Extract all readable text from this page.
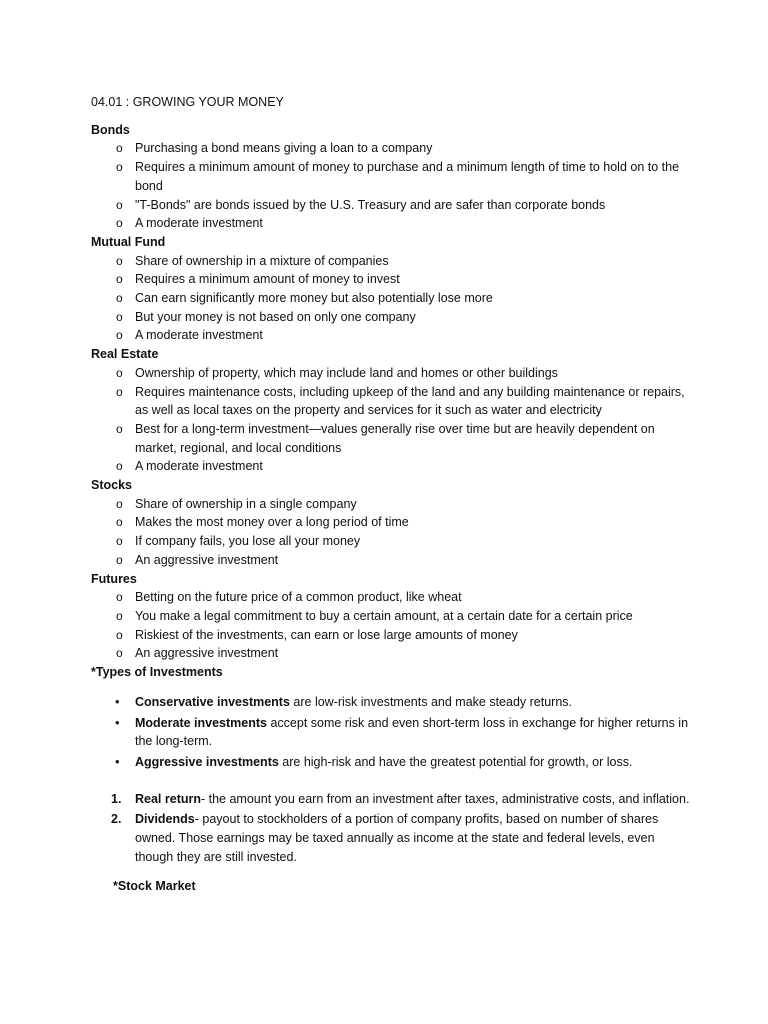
04.01 : GROWING YOUR MONEY
Bonds
o Purchasing a bond means giving a loan to a company
o Requires a minimum amount of money to purchase and a minimum length of time to hold on to the bond
o "T-Bonds" are bonds issued by the U.S. Treasury and are safer than corporate bonds
o A moderate investment
Mutual Fund
o Share of ownership in a mixture of companies
o Requires a minimum amount of money to invest
o Can earn significantly more money but also potentially lose more
o But your money is not based on only one company
o A moderate investment
Real Estate
o Ownership of property, which may include land and homes or other buildings
o Requires maintenance costs, including upkeep of the land and any building maintenance or repairs, as well as local taxes on the property and services for it such as water and electricity
o Best for a long-term investment—values generally rise over time but are heavily dependent on market, regional, and local conditions
o A moderate investment
Stocks
o Share of ownership in a single company
o Makes the most money over a long period of time
o If company fails, you lose all your money
o An aggressive investment
Futures
o Betting on the future price of a common product, like wheat
o You make a legal commitment to buy a certain amount, at a certain date for a certain price
o Riskiest of the investments, can earn or lose large amounts of money
o An aggressive investment
*Types of Investments
• Conservative investments are low-risk investments and make steady returns.
• Moderate investments accept some risk and even short-term loss in exchange for higher returns in the long-term.
• Aggressive investments are high-risk and have the greatest potential for growth, or loss.
1. Real return- the amount you earn from an investment after taxes, administrative costs, and inflation.
2. Dividends- payout to stockholders of a portion of company profits, based on number of shares owned. Those earnings may be taxed annually as income at the state and federal levels, even though they are still invested.
*Stock Market
